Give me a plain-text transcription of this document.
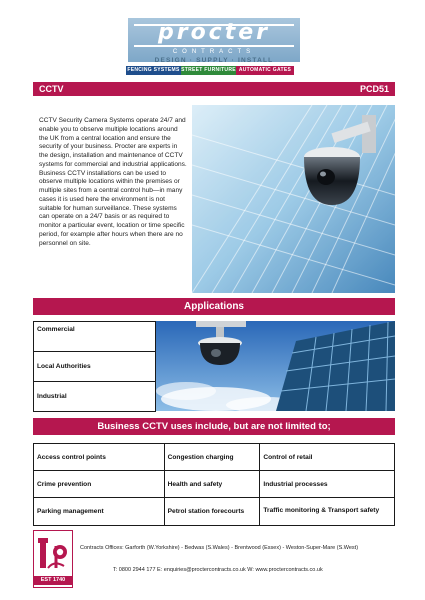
procter
CONTRACTS
DESIGN · SUPPLY · INSTALL
FENCING SYSTEMS STREET FURNITURE AUTOMATIC GATES
CCTV	PCD51
CCTV Security Camera Systems operate 24/7 and enable you to observe multiple locations around the UK from a central location and ensure the security of your business. Procter are experts in the design, installation and maintenance of CCTV systems for commercial and industrial applications. Business CCTV installations can be used to observe multiple locations within the premises or multiple sites from a central control hub—in many cases it is used here the environment is not suitable for human surveillance. These systems can operate on a 24/7 basis or as required to monitor a particular event, location or time specific period, for example after hours when there are no personnel on site.
Applications
Commercial
Local Authorities
Industrial
Business CCTV uses include, but are not limited to;
Access control points	Congestion charging	Control of retail
Crime prevention	Health and safety	Industrial processes
Parking management	Petrol station forecourts	Traffic monitoring & Transport safety
EST 1740
Contracts Offices: Garforth (W.Yorkshire) - Bedwas (S.Wales) - Brentwood (Essex) - Weston-Super-Mare (S.West)
T: 0800 2944 177 E: enquiries@proctercontracts.co.uk W: www.proctercontracts.co.uk
